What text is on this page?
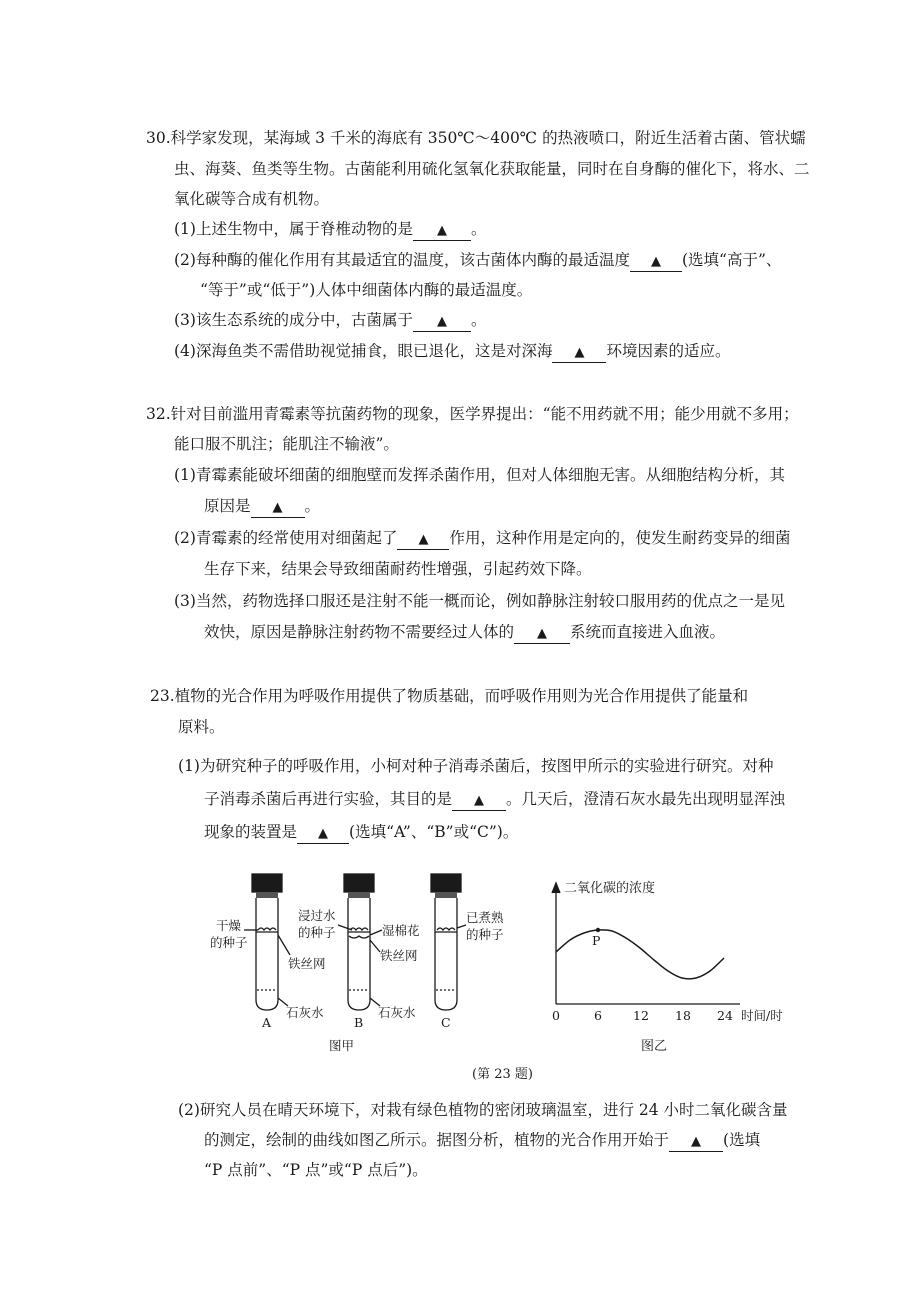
30.科学家发现，某海域 3 千米的海底有 350℃～400℃ 的热液喷口，附近生活着古菌、管状蠕
虫、海葵、鱼类等生物。古菌能利用硫化氢氧化获取能量，同时在自身酶的催化下，将水、二
氧化碳等合成有机物。
(1)上述生物中，属于脊椎动物的是 ▲ 。
(2)每种酶的催化作用有其最适宜的温度，该古菌体内酶的最适温度 ▲ (选填“高于”、
“等于”或“低于”)人体中细菌体内酶的最适温度。
(3)该生态系统的成分中，古菌属于 ▲ 。
(4)深海鱼类不需借助视觉捕食，眼已退化，这是对深海 ▲ 环境因素的适应。
32.针对目前滥用青霉素等抗菌药物的现象，医学界提出：“能不用药就不用；能少用就不多用；
能口服不肌注；能肌注不输液”。
(1)青霉素能破坏细菌的细胞壁而发挥杀菌作用，但对人体细胞无害。从细胞结构分析，其
原因是 ▲ 。
(2)青霉素的经常使用对细菌起了 ▲ 作用，这种作用是定向的，使发生耐药变异的细菌
生存下来，结果会导致细菌耐药性增强，引起药效下降。
(3)当然，药物选择口服还是注射不能一概而论，例如静脉注射较口服用药的优点之一是见
效快，原因是静脉注射药物不需要经过人体的 ▲ 系统而直接进入血液。
23.植物的光合作用为呼吸作用提供了物质基础，而呼吸作用则为光合作用提供了能量和
原料。
(1)为研究种子的呼吸作用，小柯对种子消毒杀菌后，按图甲所示的实验进行研究。对种
子消毒杀菌后再进行实验，其目的是 ▲ 。几天后，澄清石灰水最先出现明显浑浊
现象的装置是 ▲ (选填“A”、“B”或“C”)。
干燥
的种子
铁丝网
石灰水
浸过水
的种子	湿棉花
铁丝网
石灰水
已煮熟
的种子
A	B	C
图甲
0	6 12 18 24
P
二氧化碳的浓度
时间/时
图乙
(第 23 题)
(2)研究人员在晴天环境下，对栽有绿色植物的密闭玻璃温室，进行 24 小时二氧化碳含量
的测定，绘制的曲线如图乙所示。据图分析，植物的光合作用开始于 ▲ (选填
“P 点前”、“P 点”或“P 点后”)。
